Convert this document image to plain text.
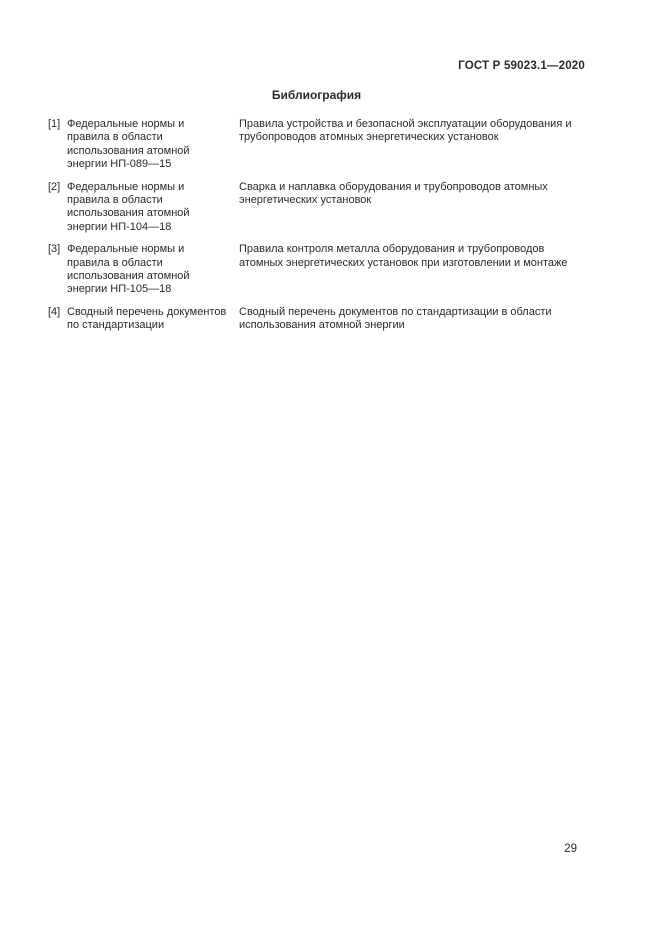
ГОСТ Р 59023.1—2020
Библиография
[1] Федеральные нормы и правила в области использования атомной энергии НП-089—15
Правила устройства и безопасной эксплуатации оборудования и трубопроводов атомных энергетических установок
[2] Федеральные нормы и правила в области использования атомной энергии НП-104—18
Сварка и наплавка оборудования и трубопроводов атомных энергетических установок
[3] Федеральные нормы и правила в области использования атомной энергии НП-105—18
Правила контроля металла оборудования и трубопроводов атомных энергетических установок при изготовлении и монтаже
[4] Сводный перечень документов по стандартизации
Сводный перечень документов по стандартизации в области использования атомной энергии
29
